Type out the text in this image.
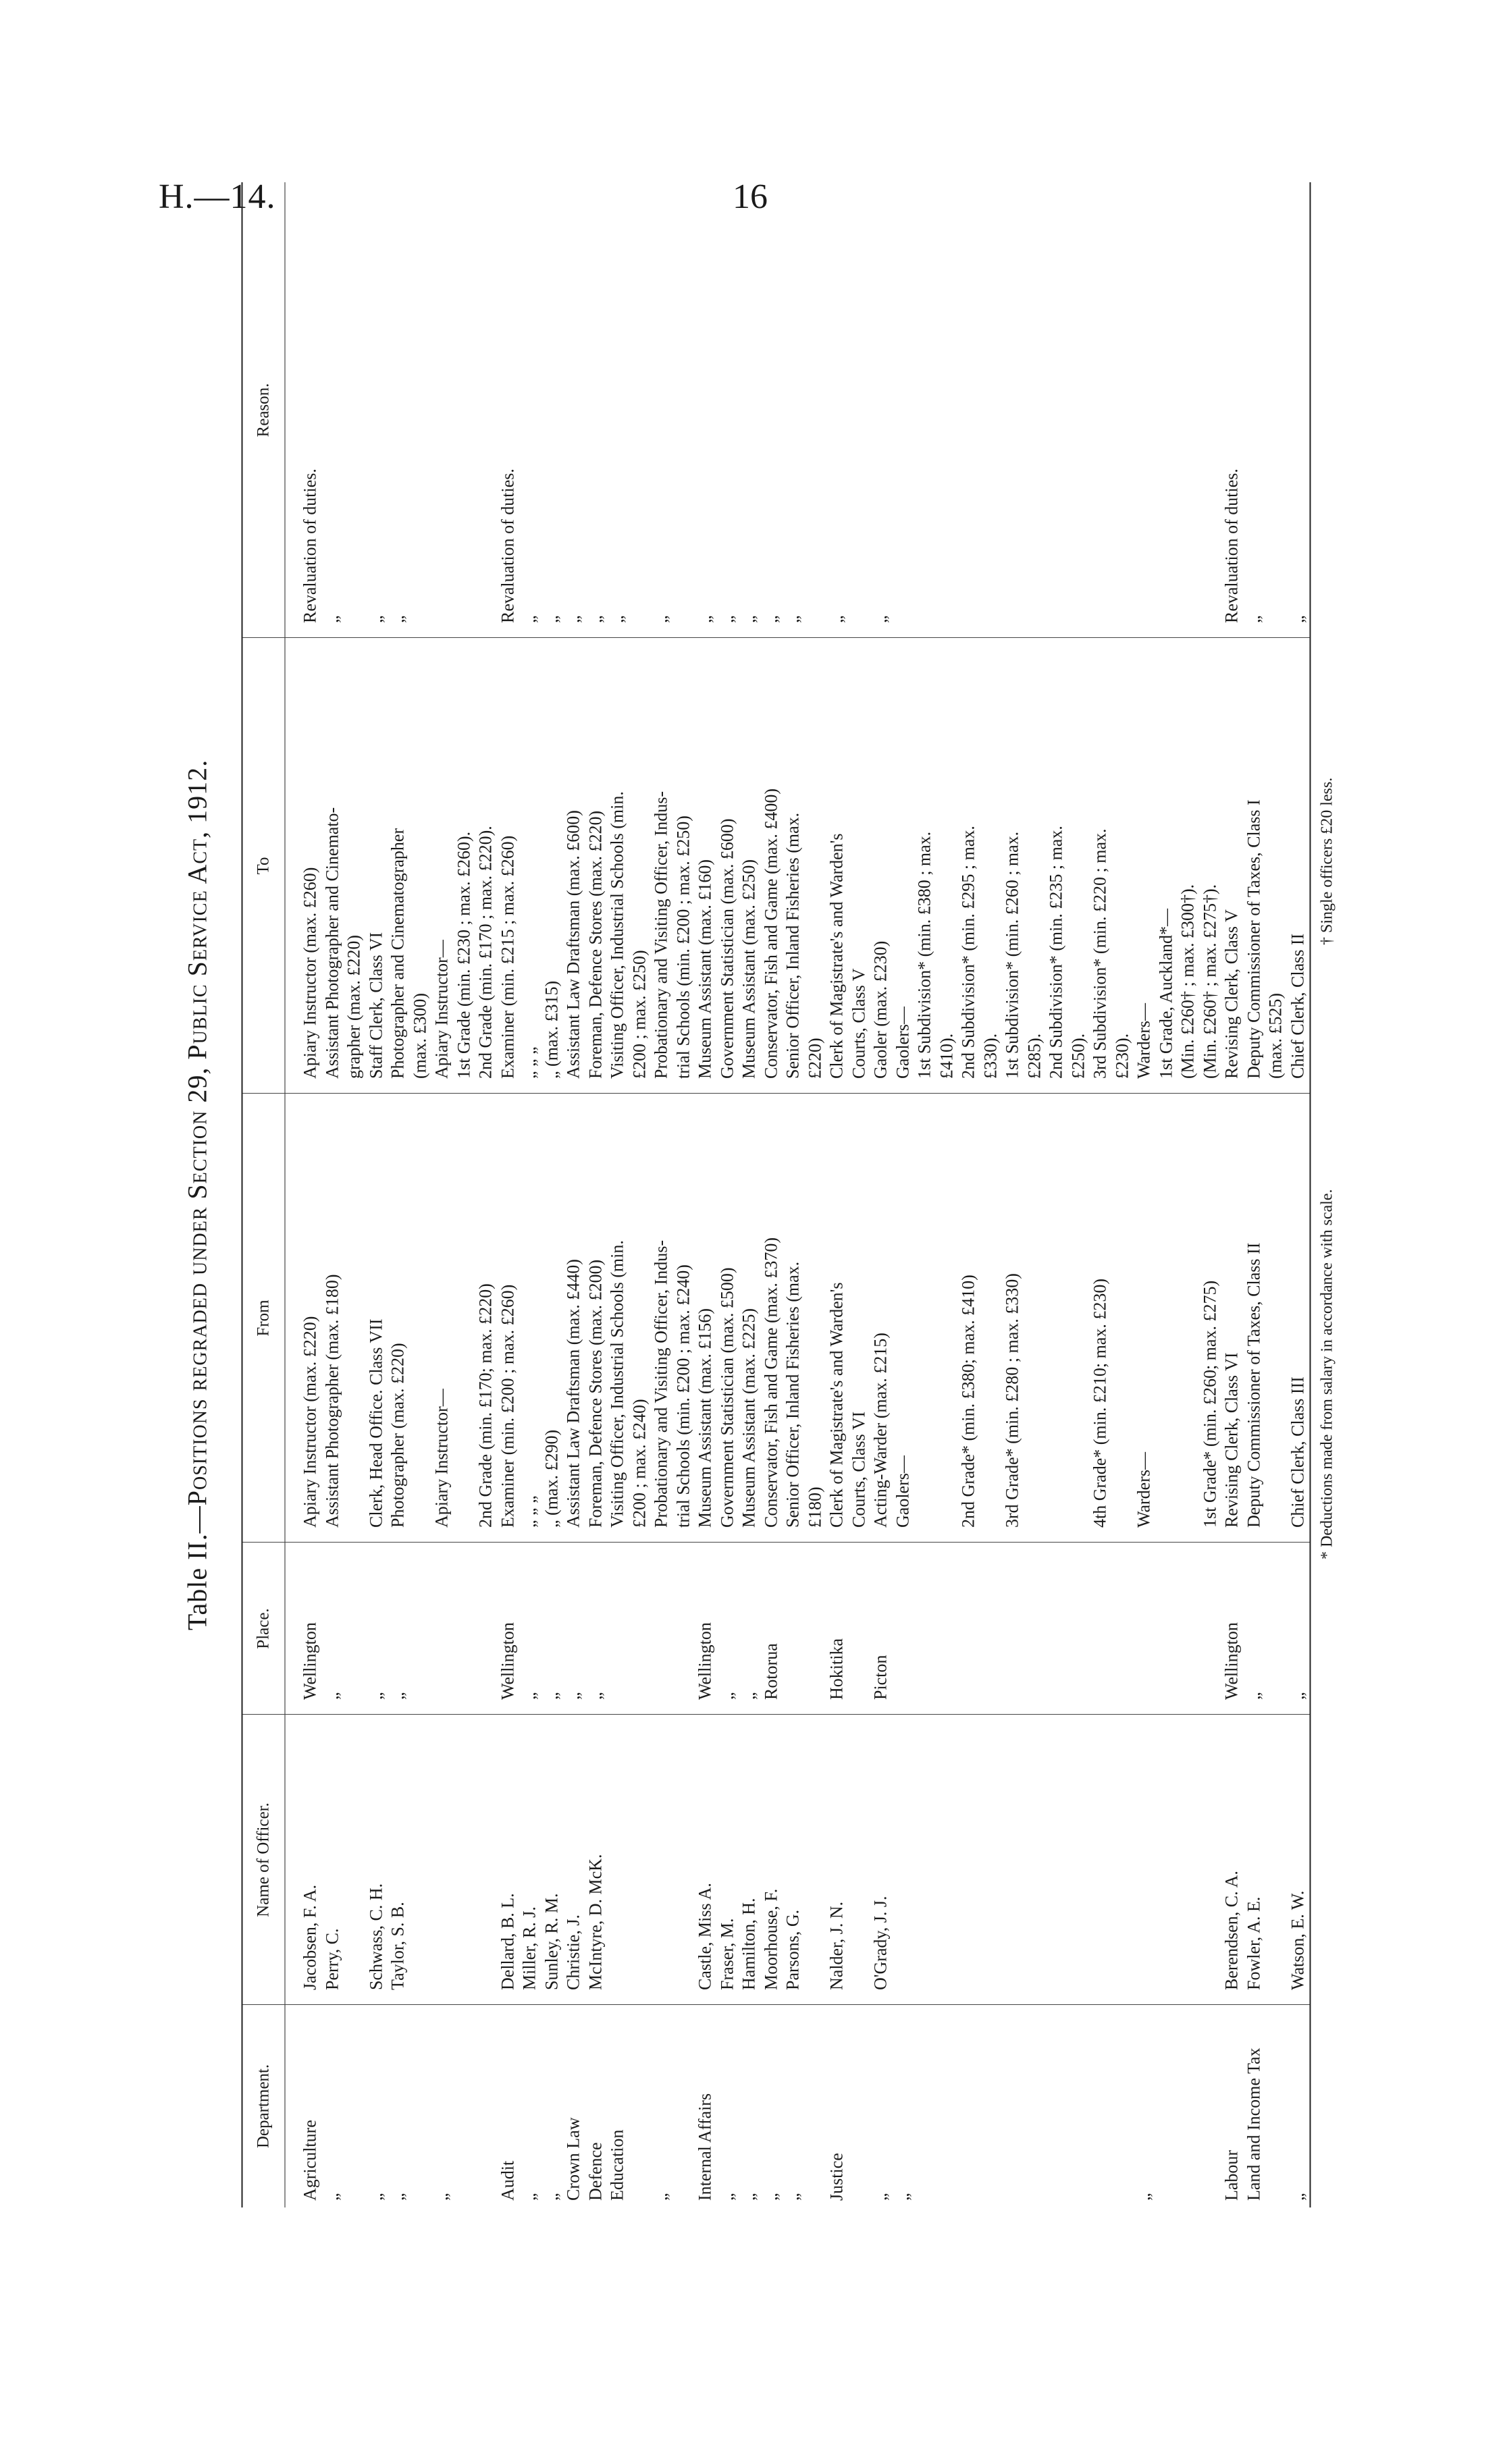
H.—14.	16
Table II.—Positions regraded under Section 29, Public Service Act, 1912.
Department.
Name of Officer.
Place.
From
To
Reason.
Agriculture
Jacobsen, F. A.
Wellington
Apiary Instructor (max. £220)
Apiary Instructor (max. £260)
Revaluation of duties.
„
Perry, C.
„
Assistant Photographer (max. £180)
Assistant Photographer and Cinemato-
„
grapher (max. £220)
„
Schwass, C. H.
„
Clerk, Head Office. Class VII
Staff Clerk, Class VI
„
„
Taylor, S. B.
„
Photographer (max. £220)
Photographer and Cinematographer
„
(max. £300)
„
Apiary Instructor—
Apiary Instructor— 1st Grade (min. £230 ; max. £260).
2nd Grade (min. £170; max. £220)
2nd Grade (min. £170 ; max. £220).
Audit
Dellard, B. L.
Wellington
Examiner (min. £200 ; max. £260)
Examiner (min. £215 ; max. £260)
Revaluation of duties.
„
Miller, R. J.
„
„ „ „
„ „ „
„
„
Sunley, R. M.
„
„ (max. £290)
„ (max. £315)
„
Crown Law
Christie, J.
„
Assistant Law Draftsman (max. £440)
Assistant Law Draftsman (max. £600)
„
Defence
McIntyre, D. McK.
„
Foreman, Defence Stores (max. £200)
Foreman, Defence Stores (max. £220)
„
Education
Visiting Officer, Industrial Schools (min.
Visiting Officer, Industrial Schools (min.
„
£200 ; max. £240)
£200 ; max. £250)
„
Probationary and Visiting Officer, Indus-
Probationary and Visiting Officer, Indus-
„
trial Schools (min. £200 ; max. £240)
trial Schools (min. £200 ; max. £250)
Internal Affairs
Castle, Miss A.
Wellington
Museum Assistant (max. £156)
Museum Assistant (max. £160)
„
„
Fraser, M.
„
Government Statistician (max. £500)
Government Statistician (max. £600)
„
„
Hamilton, H.
„
Museum Assistant (max. £225)
Museum Assistant (max. £250)
„
„
Moorhouse, F.
Rotorua
Conservator, Fish and Game (max. £370)
Conservator, Fish and Game (max. £400)
„
„
Parsons, G.
Senior Officer, Inland Fisheries (max.
Senior Officer, Inland Fisheries (max.
„
£180)
£220)
Justice
Nalder, J. N.
Hokitika
Clerk of Magistrate's and Warden's
Clerk of Magistrate's and Warden's
„
Courts, Class VI
Courts, Class V
„
O'Grady, J. J.
Picton
Acting-Warder (max. £215)
Gaoler (max. £230)
„
„
Gaolers—
Gaolers— 1st Subdivision* (min. £380 ; max. £410).
2nd Grade* (min. £380; max. £410)
2nd Subdivision* (min. £295 ; max. £330).
3rd Grade* (min. £280 ; max. £330)
1st Subdivision* (min. £260 ; max. £285). 2nd Subdivision* (min. £235 ; max. £250).
4th Grade* (min. £210; max. £230)
3rd Subdivision* (min. £220 ; max. £230).
„
Warders—
Warders— 1st Grade, Auckland*— (Min. £260† ; max. £300†).
1st Grade* (min. £260; max. £275)
(Min. £260† ; max. £275†).
Labour
Berendsen, C. A.
Wellington
Revising Clerk, Class VI
Revising Clerk, Class V
Revaluation of duties.
Land and Income Tax
Fowler, A. E.
„
Deputy Commissioner of Taxes, Class II
Deputy Commissioner of Taxes, Class I
„
(max. £525)
„
Watson, E. W.
„
Chief Clerk, Class III
Chief Clerk, Class II
„
* Deductions made from salary in accordance with scale.
† Single officers £20 less.
